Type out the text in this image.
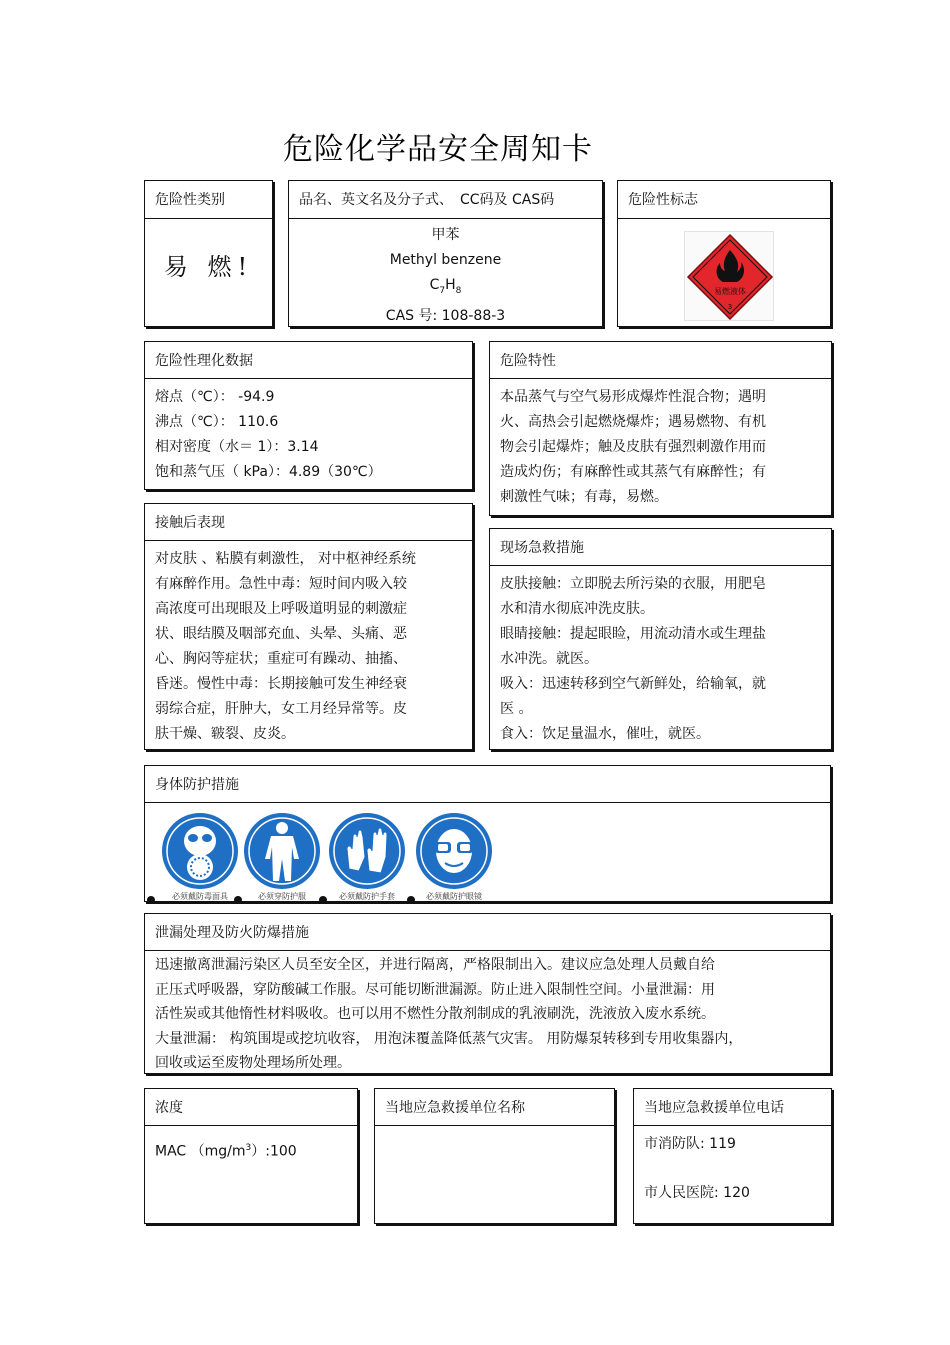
危险化学品安全周知卡
危险性类别
易 燃!
品名、英文名及分子式、　CC码及 CAS码
甲苯
Methyl benzene
$C_7H_8$
CAS 号: 108-88-3
危险性标志
易燃液体
3
危险性理化数据
熔点（℃）： -94.9
沸点（℃）： 110.6
相对密度（水＝ 1）：3.14
饱和蒸气压（ kPa）：4.89（30℃）
危险特性
本品蒸气与空气易形成爆炸性混合物；遇明
火、高热会引起燃烧爆炸；遇易燃物、有机
物会引起爆炸；触及皮肤有强烈刺激作用而
造成灼伤；有麻醉性或其蒸气有麻醉性；有
刺激性气味；有毒，易燃。
接触后表现
对皮肤 、粘膜有刺激性， 对中枢神经系统
有麻醉作用。急性中毒：短时间内吸入较
高浓度可出现眼及上呼吸道明显的刺激症
状、眼结膜及咽部充血、头晕、头痛、恶
心、胸闷等症状；重症可有躁动、抽搐、
昏迷。慢性中毒：长期接触可发生神经衰
弱综合症，肝肿大，女工月经异常等。皮
肤干燥、皲裂、皮炎。
现场急救措施
皮肤接触：立即脱去所污染的衣服，用肥皂
水和清水彻底冲洗皮肤。
眼睛接触：提起眼睑，用流动清水或生理盐
水冲洗。就医。
吸入：迅速转移到空气新鲜处，给输氧，就
医 。
食入：饮足量温水，催吐，就医。
身体防护措施
必须戴防毒面具	必须穿防护服	必须戴防护手套	必须戴防护眼镜
泄漏处理及防火防爆措施
迅速撤离泄漏污染区人员至安全区，并进行隔离，严格限制出入。建议应急处理人员戴自给
正压式呼吸器，穿防酸碱工作服。尽可能切断泄漏源。防止进入限制性空间。小量泄漏：用
活性炭或其他惰性材料吸收。也可以用不燃性分散剂制成的乳液刷洗，洗液放入废水系统。
大量泄漏： 构筑围堤或挖坑收容， 用泡沫覆盖降低蒸气灾害。 用防爆泵转移到专用收集器内，
回收或运至废物处理场所处理。
浓度
MAC $(mg/m^3):100$
当地应急救援单位名称	当地应急救援单位电话
市消防队: 119
市人民医院: 120
